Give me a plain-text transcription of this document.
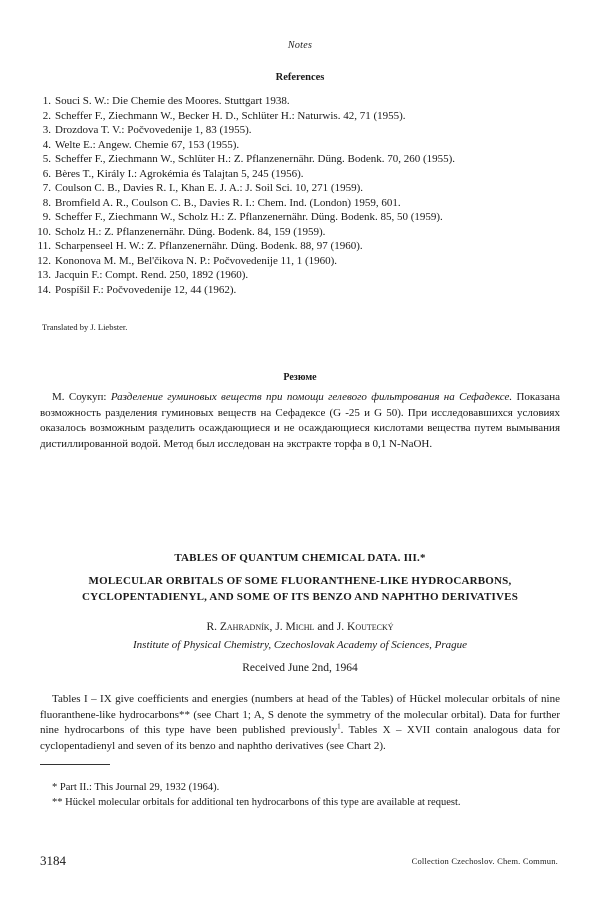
Notes
References
1. Souci S. W.: Die Chemie des Moores. Stuttgart 1938.
2. Scheffer F., Ziechmann W., Becker H. D., Schlüter H.: Naturwis. 42, 71 (1955).
3. Drozdova T. V.: Počvovedenije 1, 83 (1955).
4. Welte E.: Angew. Chemie 67, 153 (1955).
5. Scheffer F., Ziechmann W., Schlüter H.: Z. Pflanzenernähr. Düng. Bodenk. 70, 260 (1955).
6. Bères T., Király I.: Agrokémia és Talajtan 5, 245 (1956).
7. Coulson C. B., Davies R. I., Khan E. J. A.: J. Soil Sci. 10, 271 (1959).
8. Bromfield A. R., Coulson C. B., Davies R. I.: Chem. Ind. (London) 1959, 601.
9. Scheffer F., Ziechmann W., Scholz H.: Z. Pflanzenernähr. Düng. Bodenk. 85, 50 (1959).
10. Scholz H.: Z. Pflanzenernähr. Düng. Bodenk. 84, 159 (1959).
11. Scharpenseel H. W.: Z. Pflanzenernähr. Düng. Bodenk. 88, 97 (1960).
12. Kononova M. M., Bel'čikova N. P.: Počvovedenije 11, 1 (1960).
13. Jacquin F.: Compt. Rend. 250, 1892 (1960).
14. Pospíšil F.: Počvovedenije 12, 44 (1962).
Translated by J. Liebster.
Резюме
М. Соукуп: Разделение гуминовых веществ при помощи гелевого фильтрования на Сефадексе. Показана возможность разделения гуминовых веществ на Сефадексе (G -25 и G 50). При исследовавшихся условиях оказалось возможным разделить осаждающиеся и не осаждающиеся кислотами вещества путем вымывания дистиллированной водой. Метод был исследован на экстракте торфа в 0,1 N-NaOH.
TABLES OF QUANTUM CHEMICAL DATA. III.*
MOLECULAR ORBITALS OF SOME FLUORANTHENE-LIKE HYDROCARBONS,
CYCLOPENTADIENYL, AND SOME OF ITS BENZO AND NAPHTHO DERIVATIVES
R. Zahradník, J. Michl and J. Koutecký
Institute of Physical Chemistry, Czechoslovak Academy of Sciences, Prague
Received June 2nd, 1964
Tables I – IX give coefficients and energies (numbers at head of the Tables) of Hückel molecular orbitals of nine fluoranthene-like hydrocarbons** (see Chart 1; A, S denote the symmetry of the molecular orbital). Data for further nine hydrocarbons of this type have been published previously$^1$. Tables X – XVII contain analogous data for cyclopentadienyl and seven of its benzo and naphtho derivatives (see Chart 2).
* Part II.: This Journal 29, 1932 (1964).
** Hückel molecular orbitals for additional ten hydrocarbons of this type are available at request.
3184	Collection Czechoslov. Chem. Commun.
